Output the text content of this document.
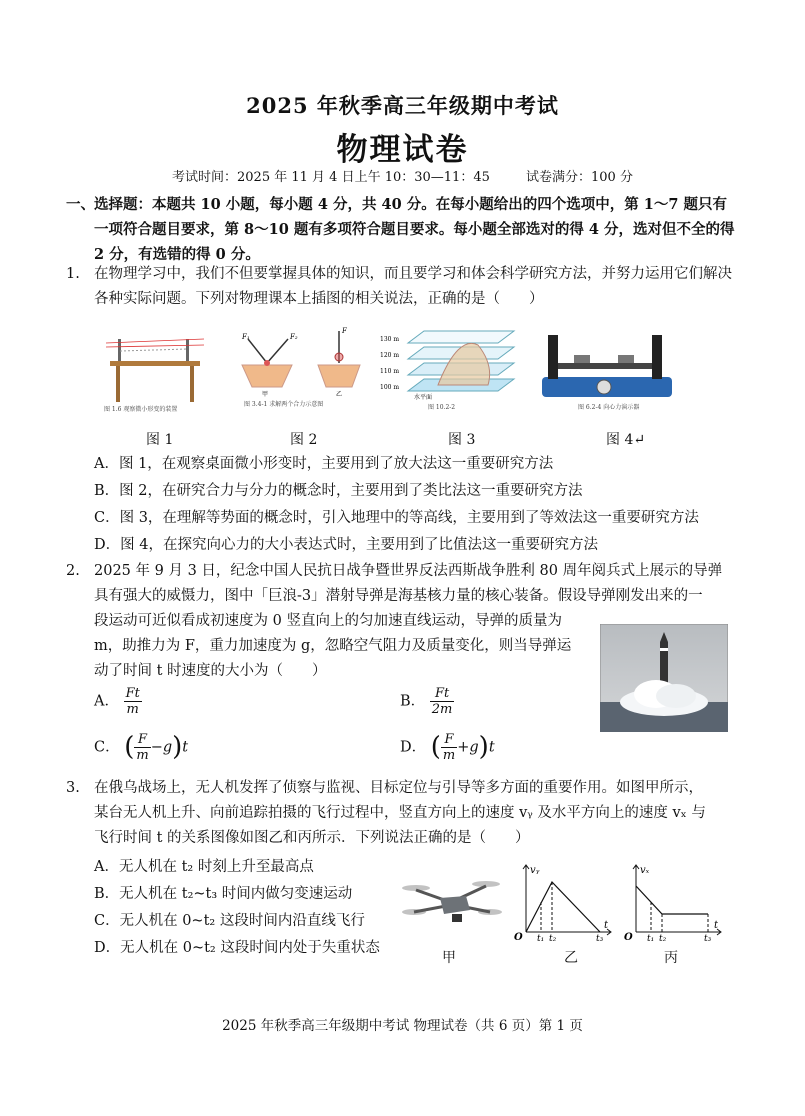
2025 年秋季高三年级期中考试
物理试卷
考试时间：2025 年 11 月 4 日上午 10：30—11：45	试卷满分：100 分
一、 选择题：本题共 10 小题，每小题 4 分，共 40 分。在每小题给出的四个选项中，第 1～7 题只有一项符合题目要求，第 8～10 题有多项符合题目要求。每小题全部选对的得 4 分，选对但不全的得 2 分，有选错的得 0 分。
1. 在物理学习中，我们不但要掌握具体的知识，而且要学习和体会科学研究方法，并努力运用它们解决各种实际问题。下列对物理课本上插图的相关说法，正确的是（　　）
图 1.6 观察微小形变的装置
F₁	F₂
F
甲	乙
图 3.4-1 求解两个合力示意图
130 m
120 m
110 m
100 m
水平面
图 10.2-2	图 6.2-4 向心力演示器
图 1	图 2	图 3	图 4↵
A．图 1，在观察桌面微小形变时，主要用到了放大法这一重要研究方法
B．图 2，在研究合力与分力的概念时，主要用到了类比法这一重要研究方法
C．图 3，在理解等势面的概念时，引入地理中的等高线，主要用到了等效法这一重要研究方法
D．图 4，在探究向心力的大小表达式时，主要用到了比值法这一重要研究方法
2. 2025 年 9 月 3 日，纪念中国人民抗日战争暨世界反法西斯战争胜利 80 周年阅兵式上展示的导弹
具有强大的威慑力，图中「巨浪-3」潜射导弹是海基核力量的核心装备。假设导弹刚发出来的一
段运动可近似看成初速度为 0 竖直向上的匀加速直线运动，导弹的质量为
m，助推力为 F，重力加速度为 g，忽略空气阻力及质量变化，则当导弹运
动了时间 t 时速度的大小为（　　）
A． $\frac{Ft}{m}$	B． $\frac{Ft}{2m}$
C． ( $\frac{F}{m} -g)t$	D． ( $\frac{F}{m} +g)t$
3. 在俄乌战场上，无人机发挥了侦察与监视、目标定位与引导等多方面的重要作用。如图甲所示，
某台无人机上升、向前追踪拍摄的飞行过程中，竖直方向上的速度 vᵧ 及水平方向上的速度 vₓ 与
飞行时间 t 的关系图像如图乙和丙所示．下列说法正确的是（　　）
A．无人机在 t₂ 时刻上升至最高点
B．无人机在 t₂~t₃ 时间内做匀变速运动
C．无人机在 0~t₂ 这段时间内沿直线飞行
D．无人机在 0~t₂ 这段时间内处于失重状态
vᵧ
O t₁ t₂	t₃
t
vₓ
O t₁ t₂	t₃
t
甲	乙	丙
2025 年秋季高三年级期中考试 物理试卷（共 6 页）第 1 页
